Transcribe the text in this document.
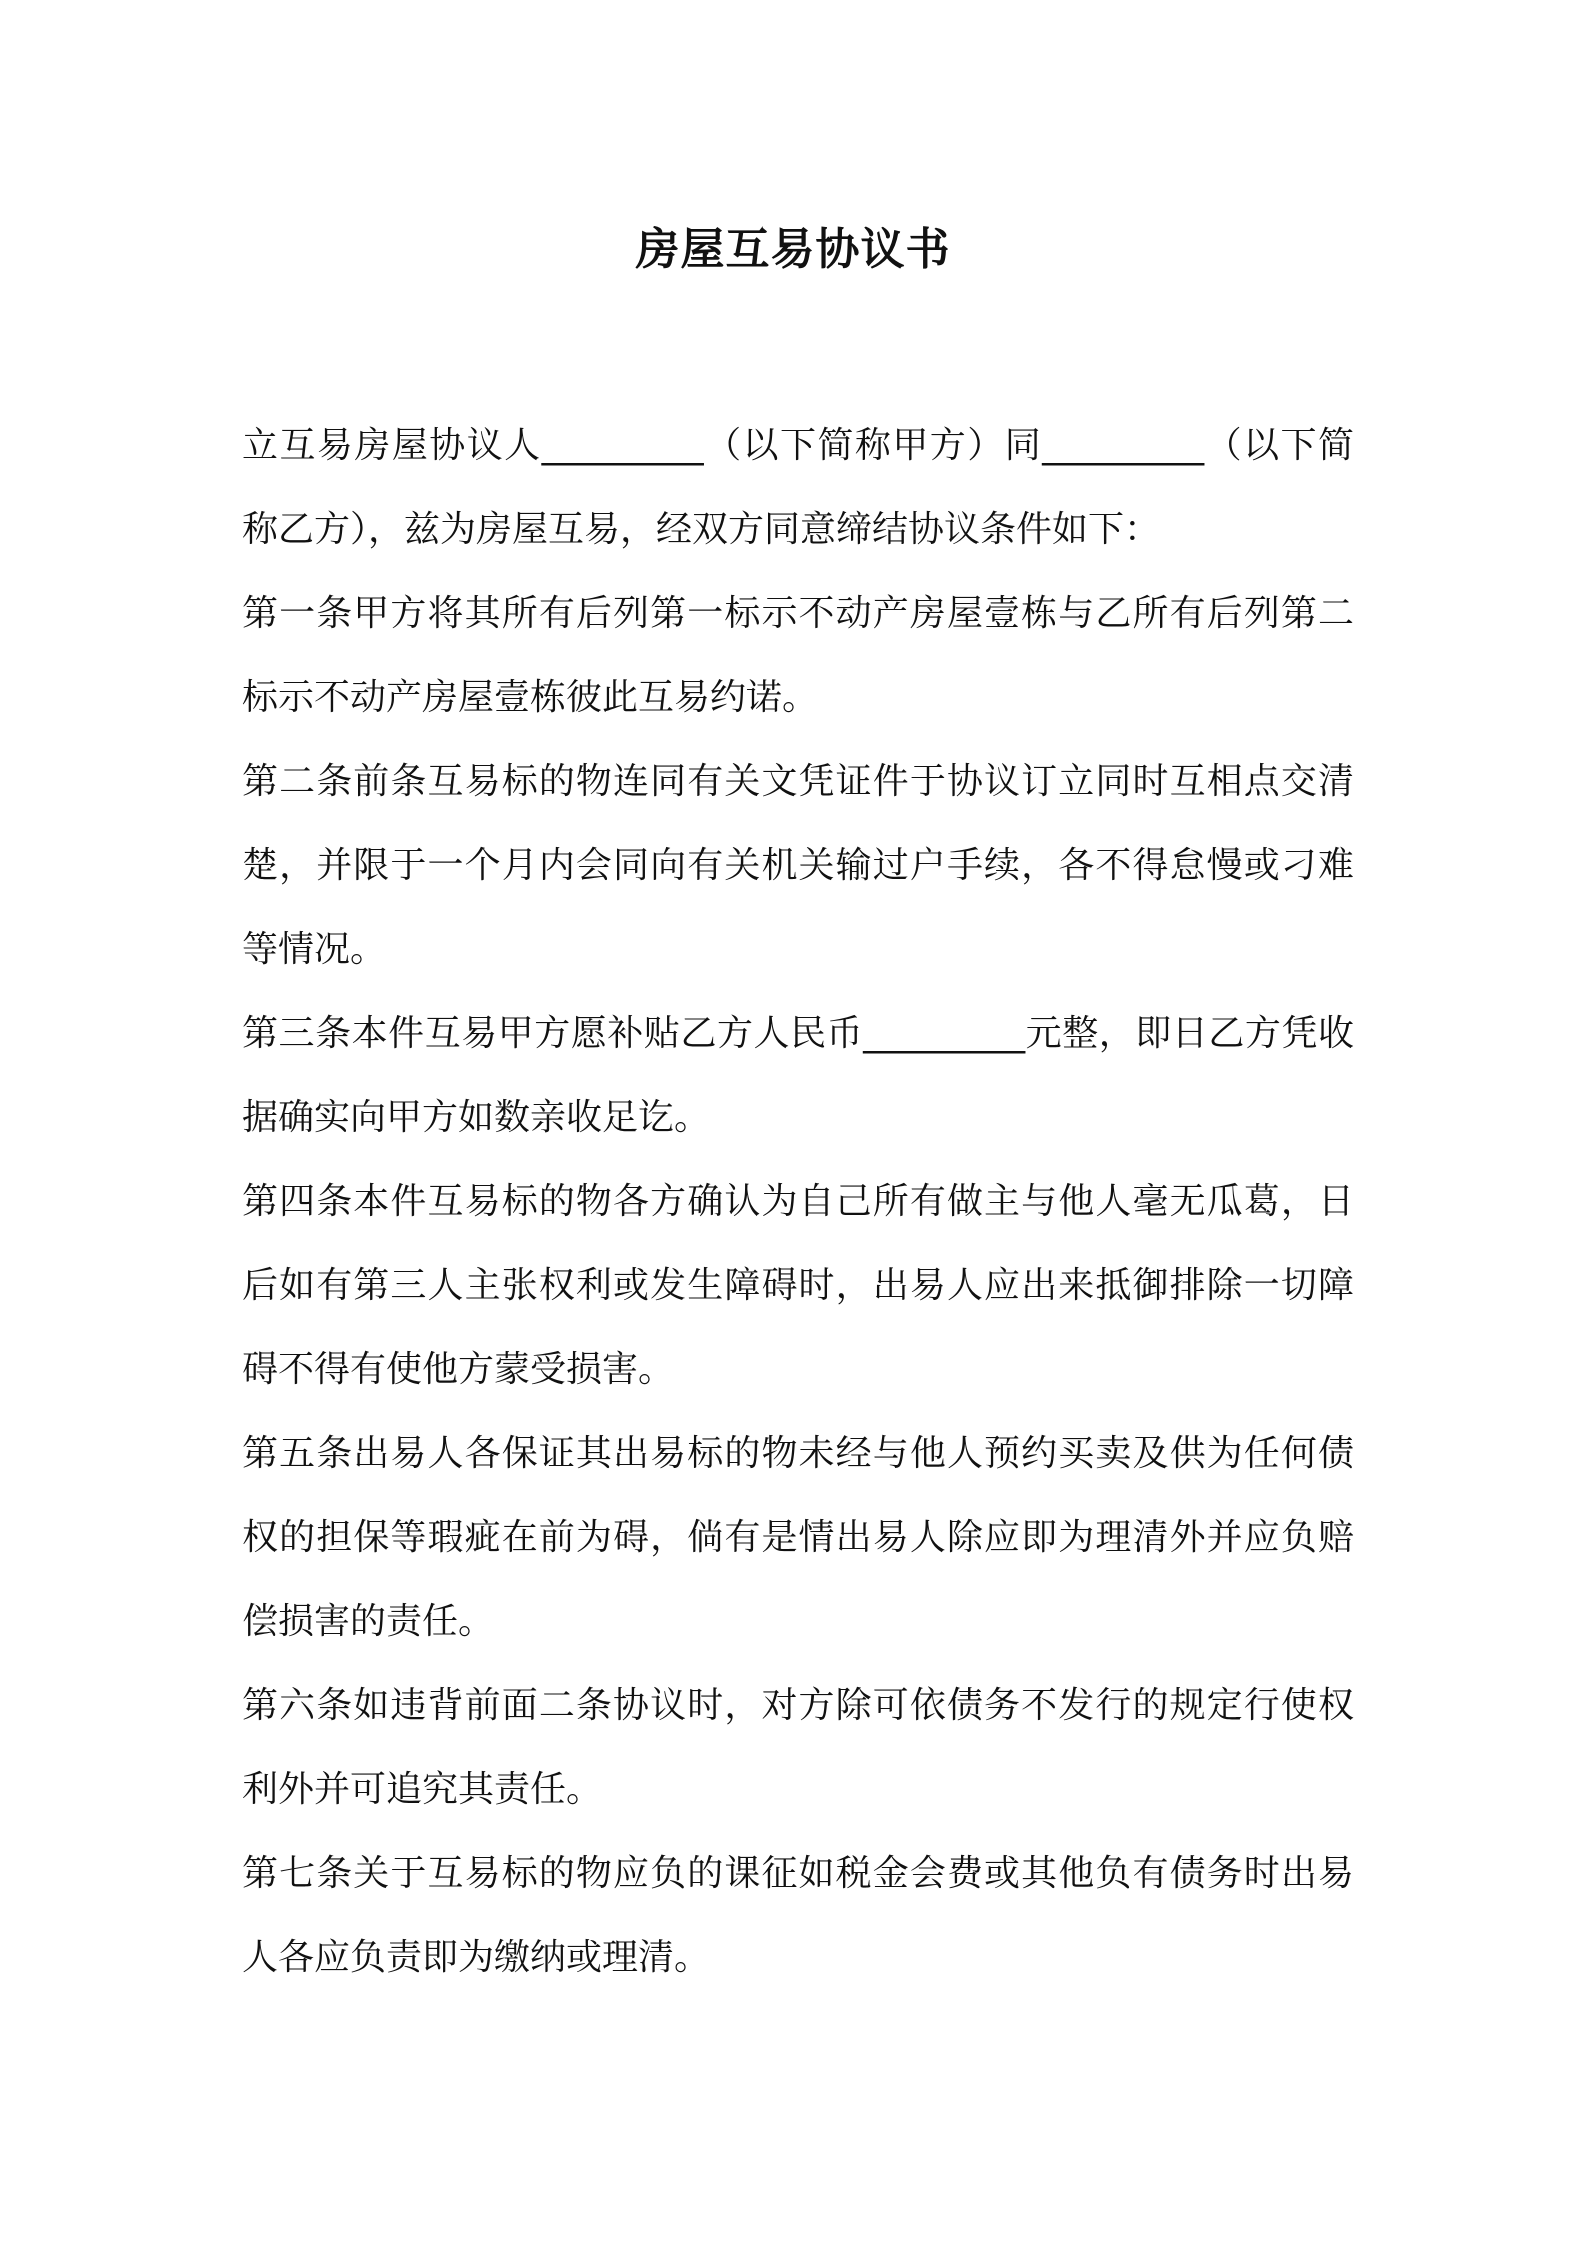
房屋互易协议书

立互易房屋协议人_________（以下简称甲方）同_________（以下简称乙方），兹为房屋互易，经双方同意缔结协议条件如下：

第一条甲方将其所有后列第一标示不动产房屋壹栋与乙所有后列第二标示不动产房屋壹栋彼此互易约诺。

第二条前条互易标的物连同有关文凭证件于协议订立同时互相点交清楚，并限于一个月内会同向有关机关输过户手续，各不得怠慢或刁难等情况。

第三条本件互易甲方愿补贴乙方人民币_________元整，即日乙方凭收据确实向甲方如数亲收足讫。

第四条本件互易标的物各方确认为自己所有做主与他人毫无瓜葛，日后如有第三人主张权利或发生障碍时，出易人应出来抵御排除一切障碍不得有使他方蒙受损害。

第五条出易人各保证其出易标的物未经与他人预约买卖及供为任何债权的担保等瑕疵在前为碍，倘有是情出易人除应即为理清外并应负赔偿损害的责任。

第六条如违背前面二条协议时，对方除可依债务不发行的规定行使权利外并可追究其责任。

第七条关于互易标的物应负的课征如税金会费或其他负有债务时出易人各应负责即为缴纳或理清。
